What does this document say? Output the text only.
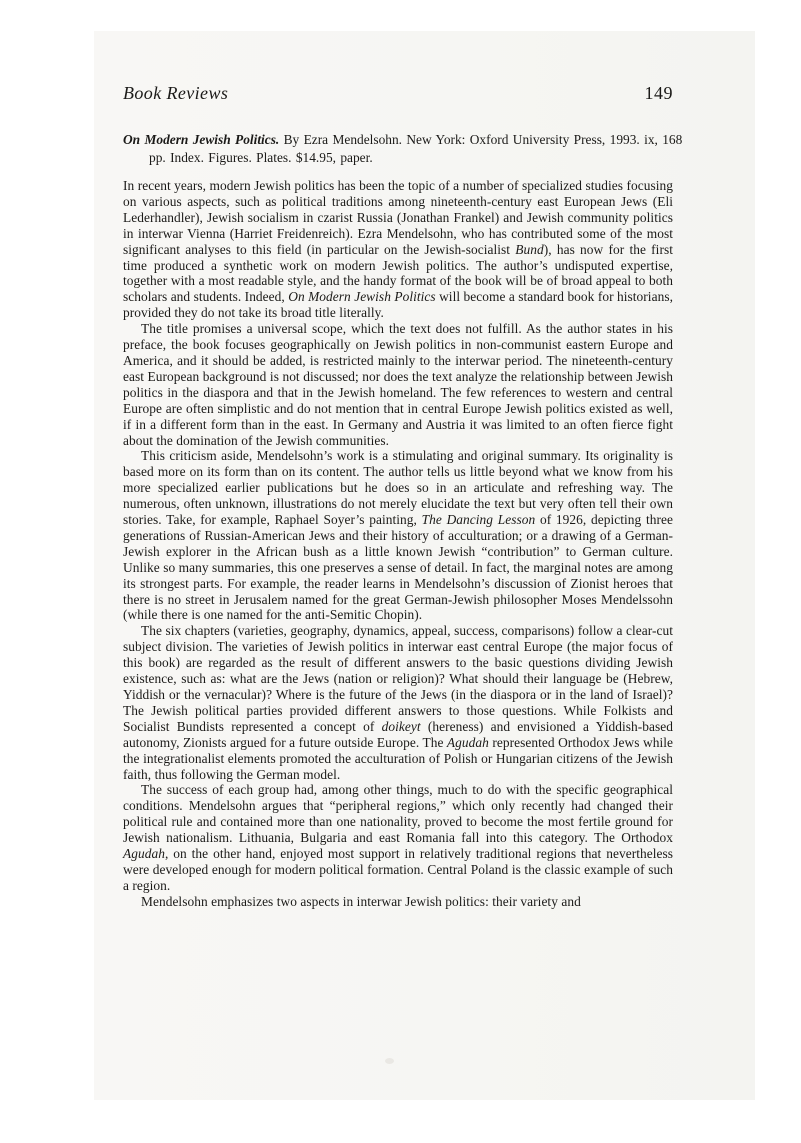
Book Reviews	149
On Modern Jewish Politics. By Ezra Mendelsohn. New York: Oxford University Press, 1993. ix, 168 pp. Index. Figures. Plates. $14.95, paper.

In recent years, modern Jewish politics has been the topic of a number of specialized studies focusing on various aspects, such as political traditions among nineteenth-century east European Jews (Eli Lederhandler), Jewish socialism in czarist Russia (Jonathan Frankel) and Jewish community politics in interwar Vienna (Harriet Freidenreich). Ezra Mendelsohn, who has contributed some of the most significant analyses to this field (in particular on the Jewish-socialist Bund), has now for the first time produced a synthetic work on modern Jewish politics. The author’s undisputed expertise, together with a most readable style, and the handy format of the book will be of broad appeal to both scholars and students. Indeed, On Modern Jewish Politics will become a standard book for historians, provided they do not take its broad title literally.

The title promises a universal scope, which the text does not fulfill. As the author states in his preface, the book focuses geographically on Jewish politics in non-communist eastern Europe and America, and it should be added, is restricted mainly to the interwar period. The nineteenth-century east European background is not discussed; nor does the text analyze the relationship between Jewish politics in the diaspora and that in the Jewish homeland. The few references to western and central Europe are often simplistic and do not mention that in central Europe Jewish politics existed as well, if in a different form than in the east. In Germany and Austria it was limited to an often fierce fight about the domination of the Jewish communities.

This criticism aside, Mendelsohn’s work is a stimulating and original summary. Its originality is based more on its form than on its content. The author tells us little beyond what we know from his more specialized earlier publications but he does so in an articulate and refreshing way. The numerous, often unknown, illustrations do not merely elucidate the text but very often tell their own stories. Take, for example, Raphael Soyer’s painting, The Dancing Lesson of 1926, depicting three generations of Russian-American Jews and their history of acculturation; or a drawing of a German-Jewish explorer in the African bush as a little known Jewish “contribution” to German culture. Unlike so many summaries, this one preserves a sense of detail. In fact, the marginal notes are among its strongest parts. For example, the reader learns in Mendelsohn’s discussion of Zionist heroes that there is no street in Jerusalem named for the great German-Jewish philosopher Moses Mendelssohn (while there is one named for the anti-Semitic Chopin).

The six chapters (varieties, geography, dynamics, appeal, success, comparisons) follow a clear-cut subject division. The varieties of Jewish politics in interwar east central Europe (the major focus of this book) are regarded as the result of different answers to the basic questions dividing Jewish existence, such as: what are the Jews (nation or religion)? What should their language be (Hebrew, Yiddish or the vernacular)? Where is the future of the Jews (in the diaspora or in the land of Israel)? The Jewish political parties provided different answers to those questions. While Folkists and Socialist Bundists represented a concept of doikeyt (hereness) and envisioned a Yiddish-based autonomy, Zionists argued for a future outside Europe. The Agudah represented Orthodox Jews while the integrationalist elements promoted the acculturation of Polish or Hungarian citizens of the Jewish faith, thus following the German model.

The success of each group had, among other things, much to do with the specific geographical conditions. Mendelsohn argues that “peripheral regions,” which only recently had changed their political rule and contained more than one nationality, proved to become the most fertile ground for Jewish nationalism. Lithuania, Bulgaria and east Romania fall into this category. The Orthodox Agudah, on the other hand, enjoyed most support in relatively traditional regions that nevertheless were developed enough for modern political formation. Central Poland is the classic example of such a region.

Mendelsohn emphasizes two aspects in interwar Jewish politics: their variety and
